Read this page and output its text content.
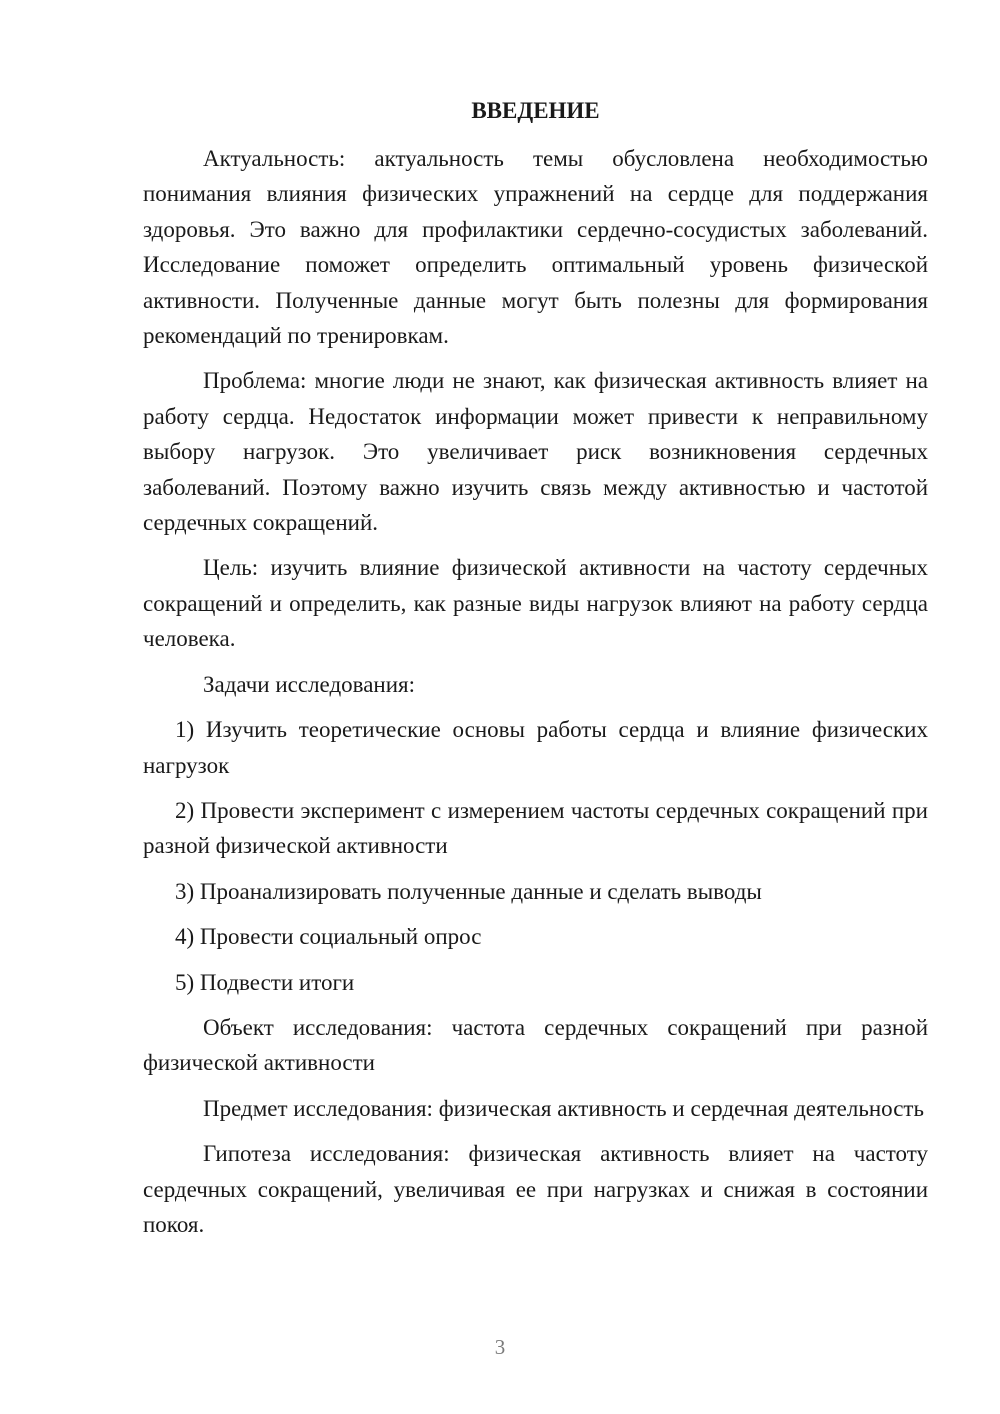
ВВЕДЕНИЕ

Актуальность: актуальность темы обусловлена необходимостью понимания влияния физических упражнений на сердце для поддержания здоровья. Это важно для профилактики сердечно-сосудистых заболеваний. Исследование поможет определить оптимальный уровень физической активности. Полученные данные могут быть полезны для формирования рекомендаций по тренировкам.

Проблема: многие люди не знают, как физическая активность влияет на работу сердца. Недостаток информации может привести к неправильному выбору нагрузок. Это увеличивает риск возникновения сердечных заболеваний. Поэтому важно изучить связь между активностью и частотой сердечных сокращений.

Цель: изучить влияние физической активности на частоту сердечных сокращений и определить, как разные виды нагрузок влияют на работу сердца человека.

Задачи исследования:

1) Изучить теоретические основы работы сердца и влияние физических нагрузок

2) Провести эксперимент с измерением частоты сердечных сокращений при разной физической активности

3) Проанализировать полученные данные и сделать выводы

4) Провести социальный опрос

5) Подвести итоги

Объект исследования: частота сердечных сокращений при разной физической активности

Предмет исследования: физическая активность и сердечная деятельность

Гипотеза исследования: физическая активность влияет на частоту сердечных сокращений, увеличивая ее при нагрузках и снижая в состоянии покоя.

3
